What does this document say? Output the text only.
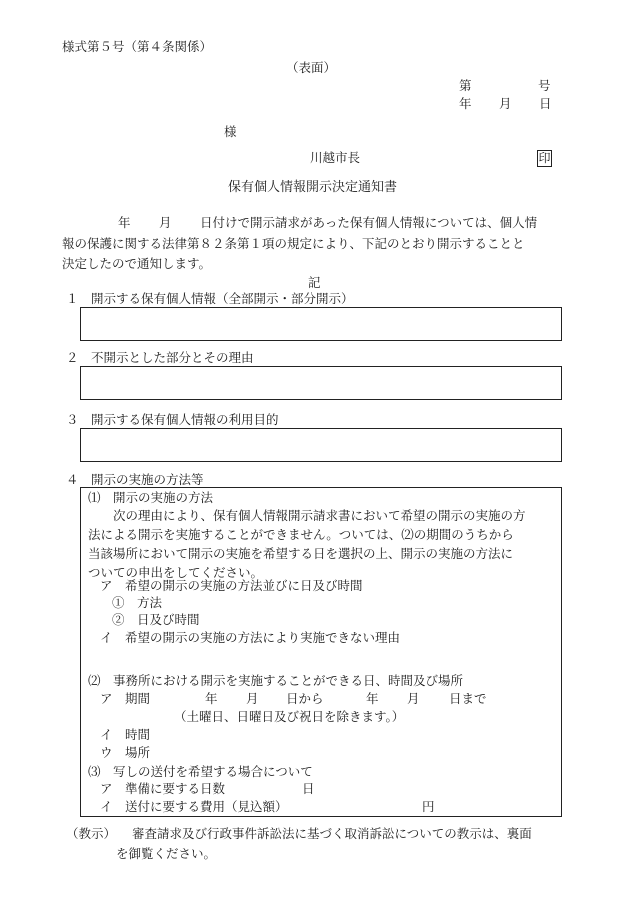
様式第５号（第４条関係）
（表面）
第	号
年 月 日
様
川越市長	印
保有個人情報開示決定通知書
年 月 日付けで開示請求があった保有個人情報については、個人情
報の保護に関する法律第８２条第１項の規定により、下記のとおり開示することと
決定したので通知します。
記
１　開示する保有個人情報（全部開示・部分開示）
２　不開示とした部分とその理由
３　開示する保有個人情報の利用目的
４　開示の実施の方法等
⑴　開示の実施の方法
次の理由により、保有個人情報開示請求書において希望の開示の実施の方
法による開示を実施することができません。ついては、⑵の期間のうちから
当該場所において開示の実施を希望する日を選択の上、開示の実施の方法に
ついての申出をしてください。
ア　希望の開示の実施の方法並びに日及び時間
①　方法
②　日及び時間
イ　希望の開示の実施の方法により実施できない理由
⑵　事務所における開示を実施することができる日、時間及び場所
ア　期間	年 月 日から	年 月 日まで
（土曜日、日曜日及び祝日を除きます。）
イ　時間
ウ　場所
⑶　写しの送付を希望する場合について
ア　準備に要する日数	日
イ　送付に要する費用（見込額）	円
（教示） 審査請求及び行政事件訴訟法に基づく取消訴訟についての教示は、裏面
を御覧ください。
